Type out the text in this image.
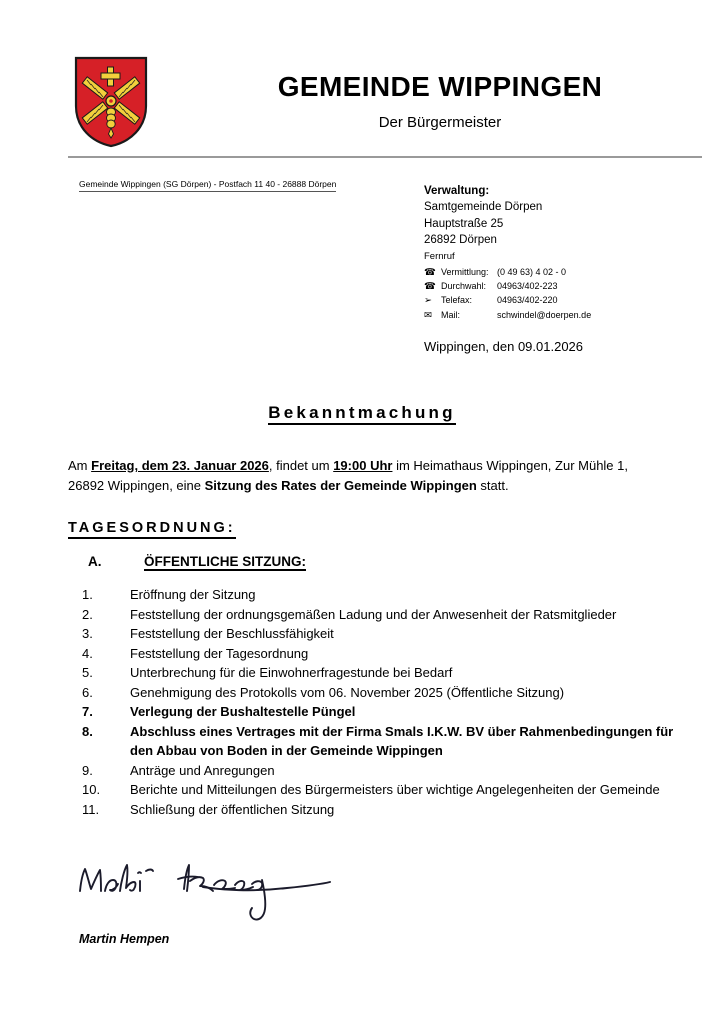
GEMEINDE WIPPINGEN
Der Bürgermeister
Gemeinde Wippingen (SG Dörpen) - Postfach 11 40 - 26888 Dörpen
Verwaltung:
Samtgemeinde Dörpen
Hauptstraße 25
26892 Dörpen
Fernruf
☎ Vermittlung: (0 49 63) 4 02 - 0
☎ Durchwahl:	04963/402-223
➢	Telefax:	04963/402-220
✉	Mail:	schwindel@doerpen.de
Wippingen, den 09.01.2026
Bekanntmachung
Am Freitag, dem 23. Januar 2026, findet um 19:00 Uhr im Heimathaus Wippingen, Zur Mühle 1, 26892 Wippingen, eine Sitzung des Rates der Gemeinde Wippingen statt.
TAGESORDNUNG:
A.	ÖFFENTLICHE SITZUNG:
1.	Eröffnung der Sitzung
2.	Feststellung der ordnungsgemäßen Ladung und der Anwesenheit der Ratsmitglieder
3.	Feststellung der Beschlussfähigkeit
4.	Feststellung der Tagesordnung
5.	Unterbrechung für die Einwohnerfragestunde bei Bedarf
6.	Genehmigung des Protokolls vom 06. November 2025 (Öffentliche Sitzung)
7.	Verlegung der Bushaltestelle Püngel
8.	Abschluss eines Vertrages mit der Firma Smals I.K.W. BV über Rahmenbedingungen für den Abbau von Boden in der Gemeinde Wippingen
9.	Anträge und Anregungen
10.	Berichte und Mitteilungen des Bürgermeisters über wichtige Angelegenheiten der Gemeinde
11.	Schließung der öffentlichen Sitzung
Martin Hempen
